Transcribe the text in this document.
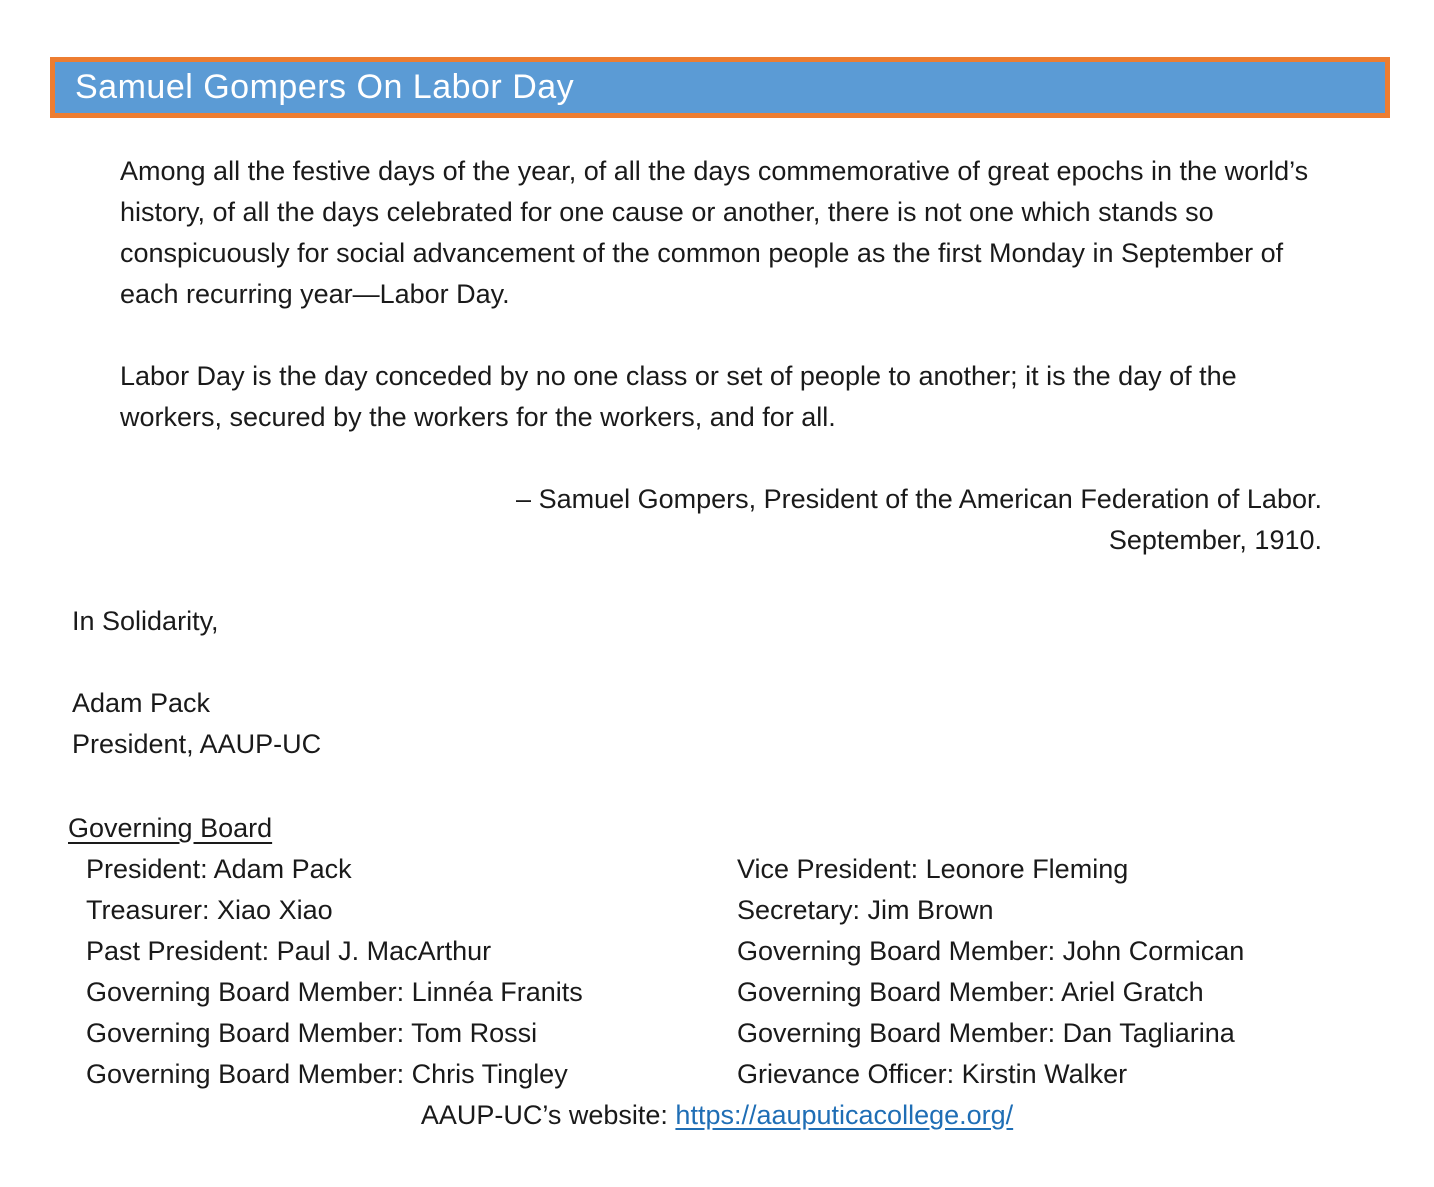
Samuel Gompers On Labor Day

Among all the festive days of the year, of all the days commemorative of great epochs in the world’s history, of all the days celebrated for one cause or another, there is not one which stands so conspicuously for social advancement of the common people as the first Monday in September of each recurring year—Labor Day.

Labor Day is the day conceded by no one class or set of people to another; it is the day of the workers, secured by the workers for the workers, and for all.

– Samuel Gompers, President of the American Federation of Labor.
September, 1910.
In Solidarity,
Adam Pack
President, AAUP-UC
Governing Board
President: Adam Pack
Treasurer: Xiao Xiao
Past President: Paul J. MacArthur
Governing Board Member: Linnéa Franits
Governing Board Member: Tom Rossi
Governing Board Member: Chris Tingley
Vice President: Leonore Fleming
Secretary: Jim Brown
Governing Board Member: John Cormican
Governing Board Member: Ariel Gratch
Governing Board Member: Dan Tagliarina
Grievance Officer: Kirstin Walker
AAUP-UC’s website: https://aauputicacollege.org/
